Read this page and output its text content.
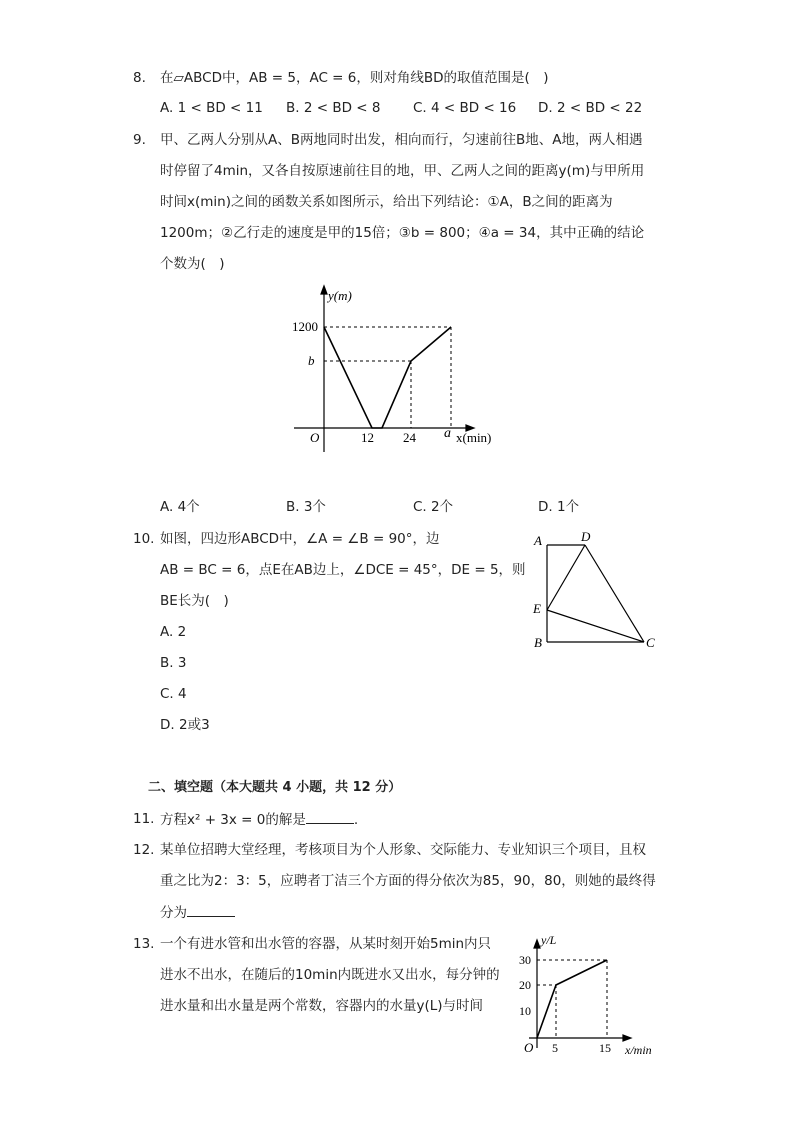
8. 在▱ABCD中，AB = 5，AC = 6，则对角线BD的取值范围是(　)
A. 1 < BD < 11 B. 2 < BD < 8 C. 4 < BD < 16 D. 2 < BD < 22
9. 甲、乙两人分别从A、B两地同时出发，相向而行，匀速前往B地、A地，两人相遇
时停留了4min，又各自按原速前往目的地，甲、乙两人之间的距离y(m)与甲所用
时间x(min)之间的函数关系如图所示，给出下列结论：①A，B之间的距离为
1200m；②乙行走的速度是甲的15倍；③b = 800；④a = 34，其中正确的结论
个数为(　)
y(m)
1200
b
O	12 24 a x(min)
A. 4个	B. 3个	C. 2个	D. 1个
10. 如图，四边形ABCD中，∠A = ∠B = 90°，边
AB = BC = 6，点E在AB边上，∠DCE = 45°，DE = 5，则
BE长为(　)
A. 2
B. 3
C. 4
D. 2或3
A	D
E
B	C
二、填空题（本大题共 4 小题，共 12 分）
11. 方程x² + 3x = 0的解是	.
12. 某单位招聘大堂经理，考核项目为个人形象、交际能力、专业知识三个项目，且权
重之比为2：3：5，应聘者丁洁三个方面的得分依次为85，90，80，则她的最终得
分为
13. 一个有进水管和出水管的容器，从某时刻开始5min内只
进水不出水，在随后的10min内既进水又出水，每分钟的
进水量和出水量是两个常数，容器内的水量y(L)与时间
y/L
30
20
10
O 5	15 x/min
